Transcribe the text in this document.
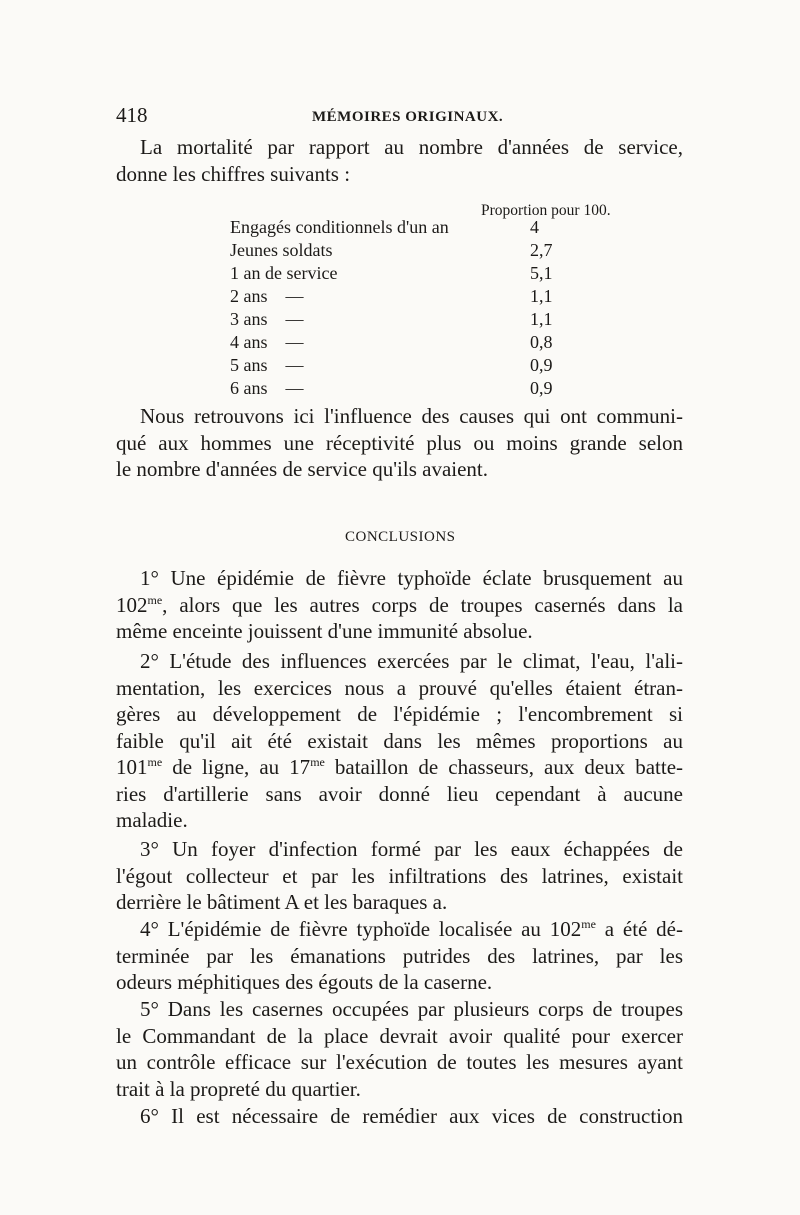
418	MÉMOIRES ORIGINAUX.
La mortalité par rapport au nombre d'années de service,
donne les chiffres suivants :
Proportion pour 100.
Engagés conditionnels d'un an	4
Jeunes soldats	2,7
1 an de service	5,1
2 ans    —	1,1
3 ans    —	1,1
4 ans    —	0,8
5 ans    —	0,9
6 ans    —	0,9
Nous retrouvons ici l'influence des causes qui ont communi-
qué aux hommes une réceptivité plus ou moins grande selon
le nombre d'années de service qu'ils avaient.
CONCLUSIONS
1° Une épidémie de fièvre typhoïde éclate brusquement au
$102^{me}$, alors que les autres corps de troupes casernés dans la
même enceinte jouissent d'une immunité absolue.
2° L'étude des influences exercées par le climat, l'eau, l'ali-
mentation, les exercices nous a prouvé qu'elles étaient étran-
gères au développement de l'épidémie ; l'encombrement si
faible qu'il ait été existait dans les mêmes proportions au
$101^{me}$ de ligne, au $17^{me}$ bataillon de chasseurs, aux deux batte-
ries d'artillerie sans avoir donné lieu cependant à aucune
maladie.
3° Un foyer d'infection formé par les eaux échappées de
l'égout collecteur et par les infiltrations des latrines, existait
derrière le bâtiment A et les baraques a.
4° L'épidémie de fièvre typhoïde localisée au $102^{me}$ a été dé-
terminée par les émanations putrides des latrines, par les
odeurs méphitiques des égouts de la caserne.
5° Dans les casernes occupées par plusieurs corps de troupes
le Commandant de la place devrait avoir qualité pour exercer
un contrôle efficace sur l'exécution de toutes les mesures ayant
trait à la propreté du quartier.
6° Il est nécessaire de remédier aux vices de construction
